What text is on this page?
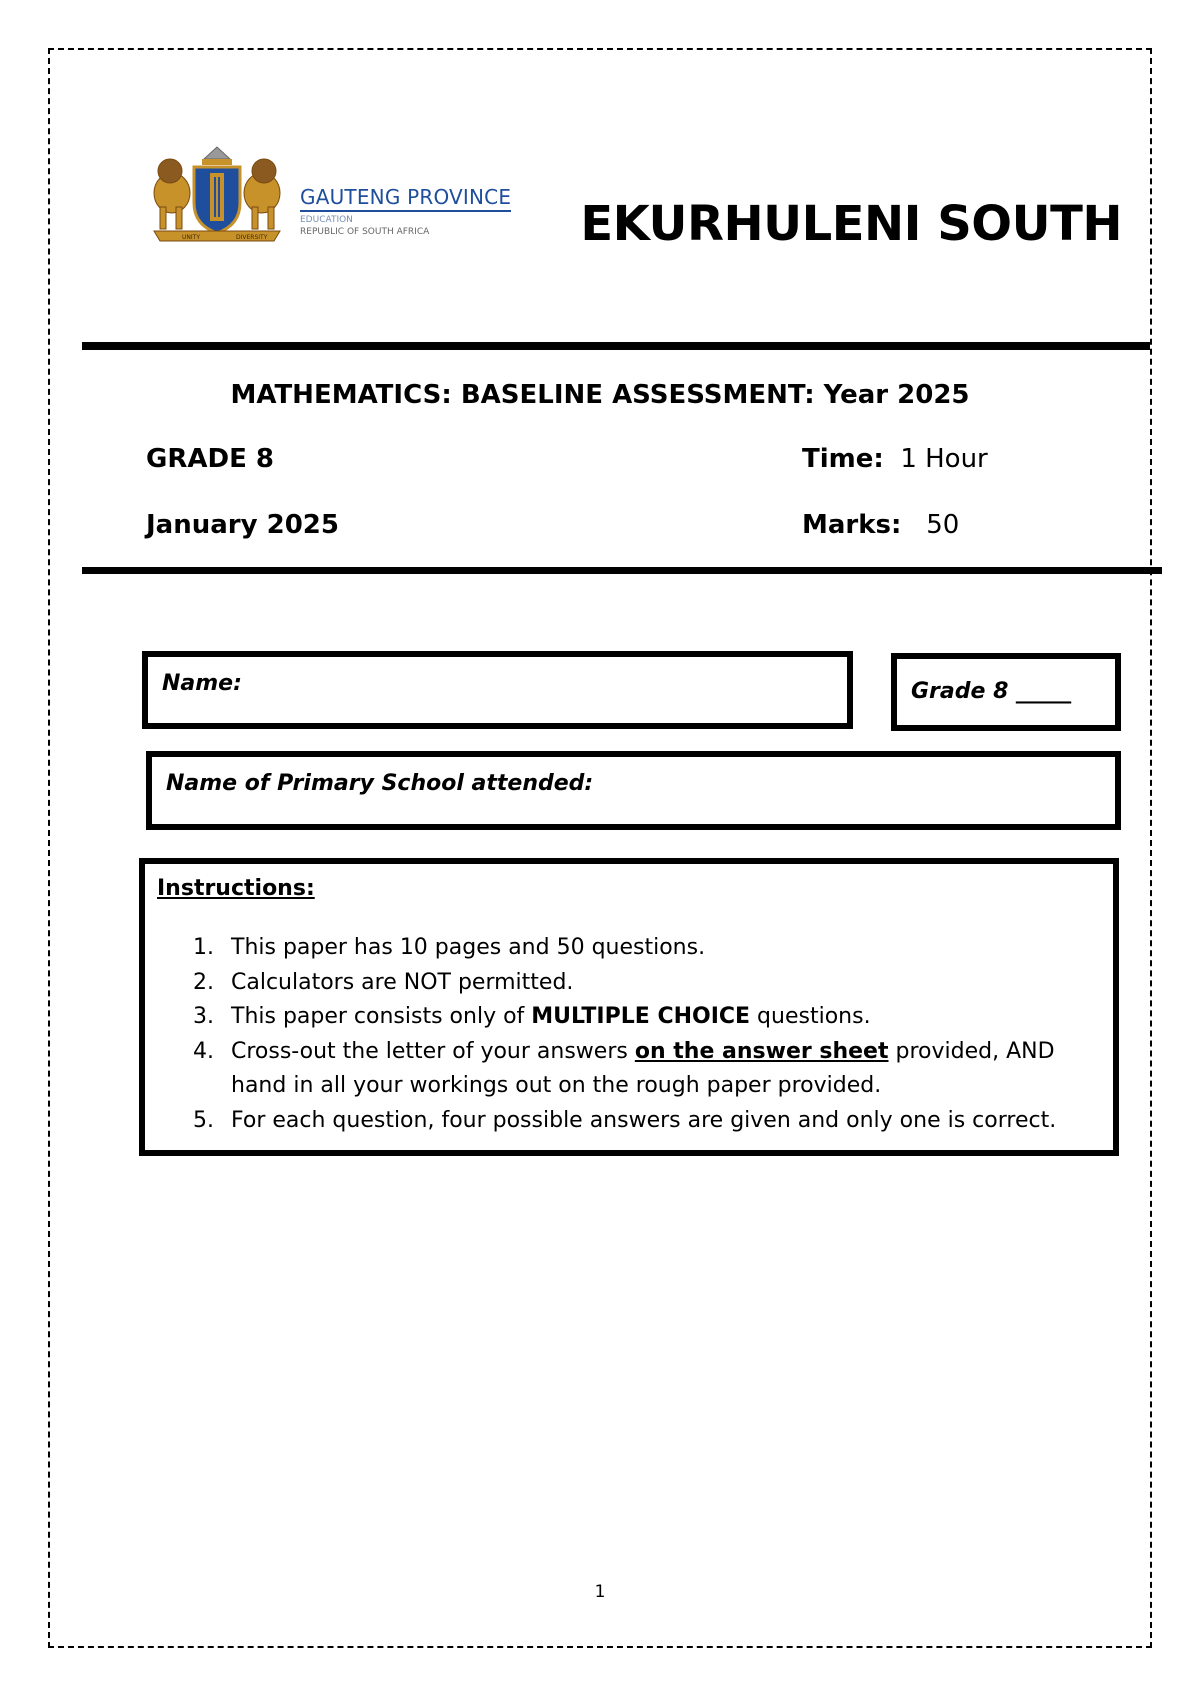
UNITY	DIVERSITY
GAUTENG PROVINCE
EDUCATION
REPUBLIC OF SOUTH AFRICA	EKURHULENI SOUTH
MATHEMATICS: BASELINE ASSESSMENT: Year 2025
GRADE 8
January 2025
Time: 1 Hour
Marks: 50
Name:	Grade 8 _____
Name of Primary School attended:
Instructions:
1. This paper has 10 pages and 50 questions.
2. Calculators are NOT permitted.
3. This paper consists only of MULTIPLE CHOICE questions.
4. Cross-out the letter of your answers on the answer sheet provided, AND
hand in all your workings out on the rough paper provided.
5. For each question, four possible answers are given and only one is correct.
1
